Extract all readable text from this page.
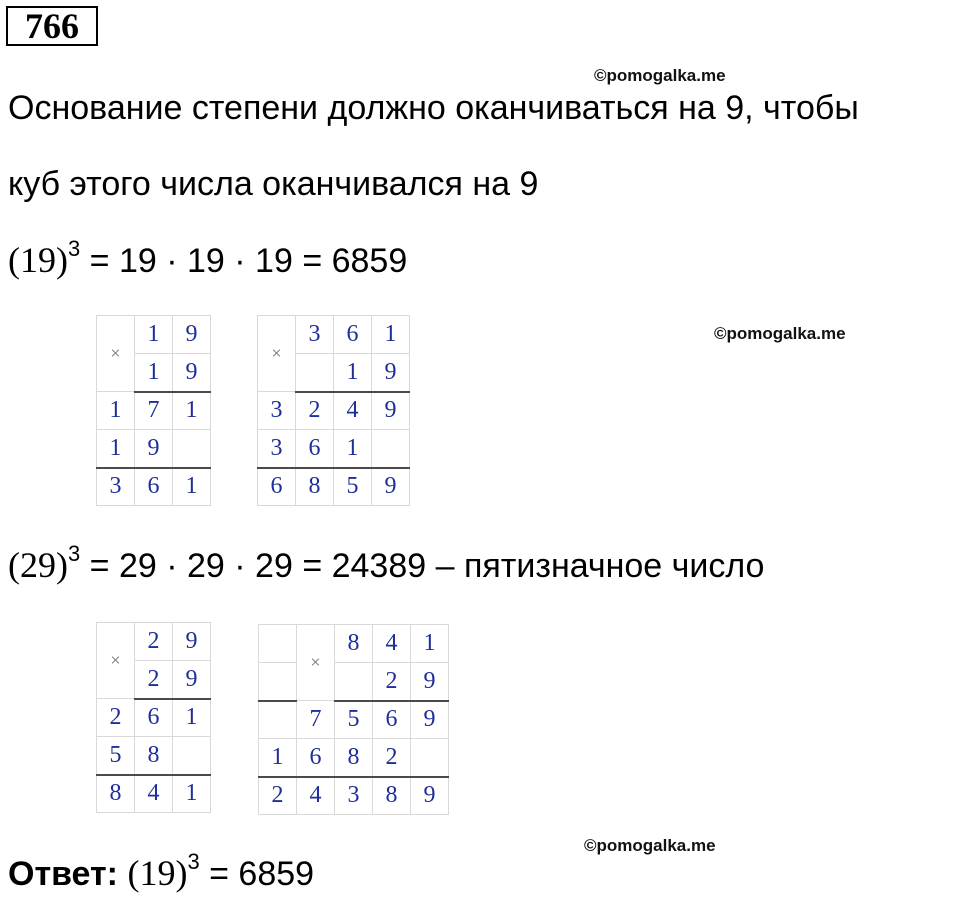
766
©pomogalka.me
Основание степени должно оканчиваться на 9, чтобы
куб этого числа оканчивался на 9
$(19)^3 = 19 \cdot 19 \cdot 19 = 6859$
×	1	9
	1	9
1	7	1
1	9	
3	6	1
×	3	6	1
		1	9
3	2	4	9
3	6	1	
6	8	5	9
©pomogalka.me
$(29)^3 = 29 \cdot 29 \cdot 29 = 24389$ – пятизначное число
×	2	9
	2	9
2	6	1
5	8	
8	4	1
	×	8	4	1
			2	9
	7	5	6	9
1	6	8	2	
2	4	3	8	9
©pomogalka.me
Ответ: $(19)^3 = 6859$
